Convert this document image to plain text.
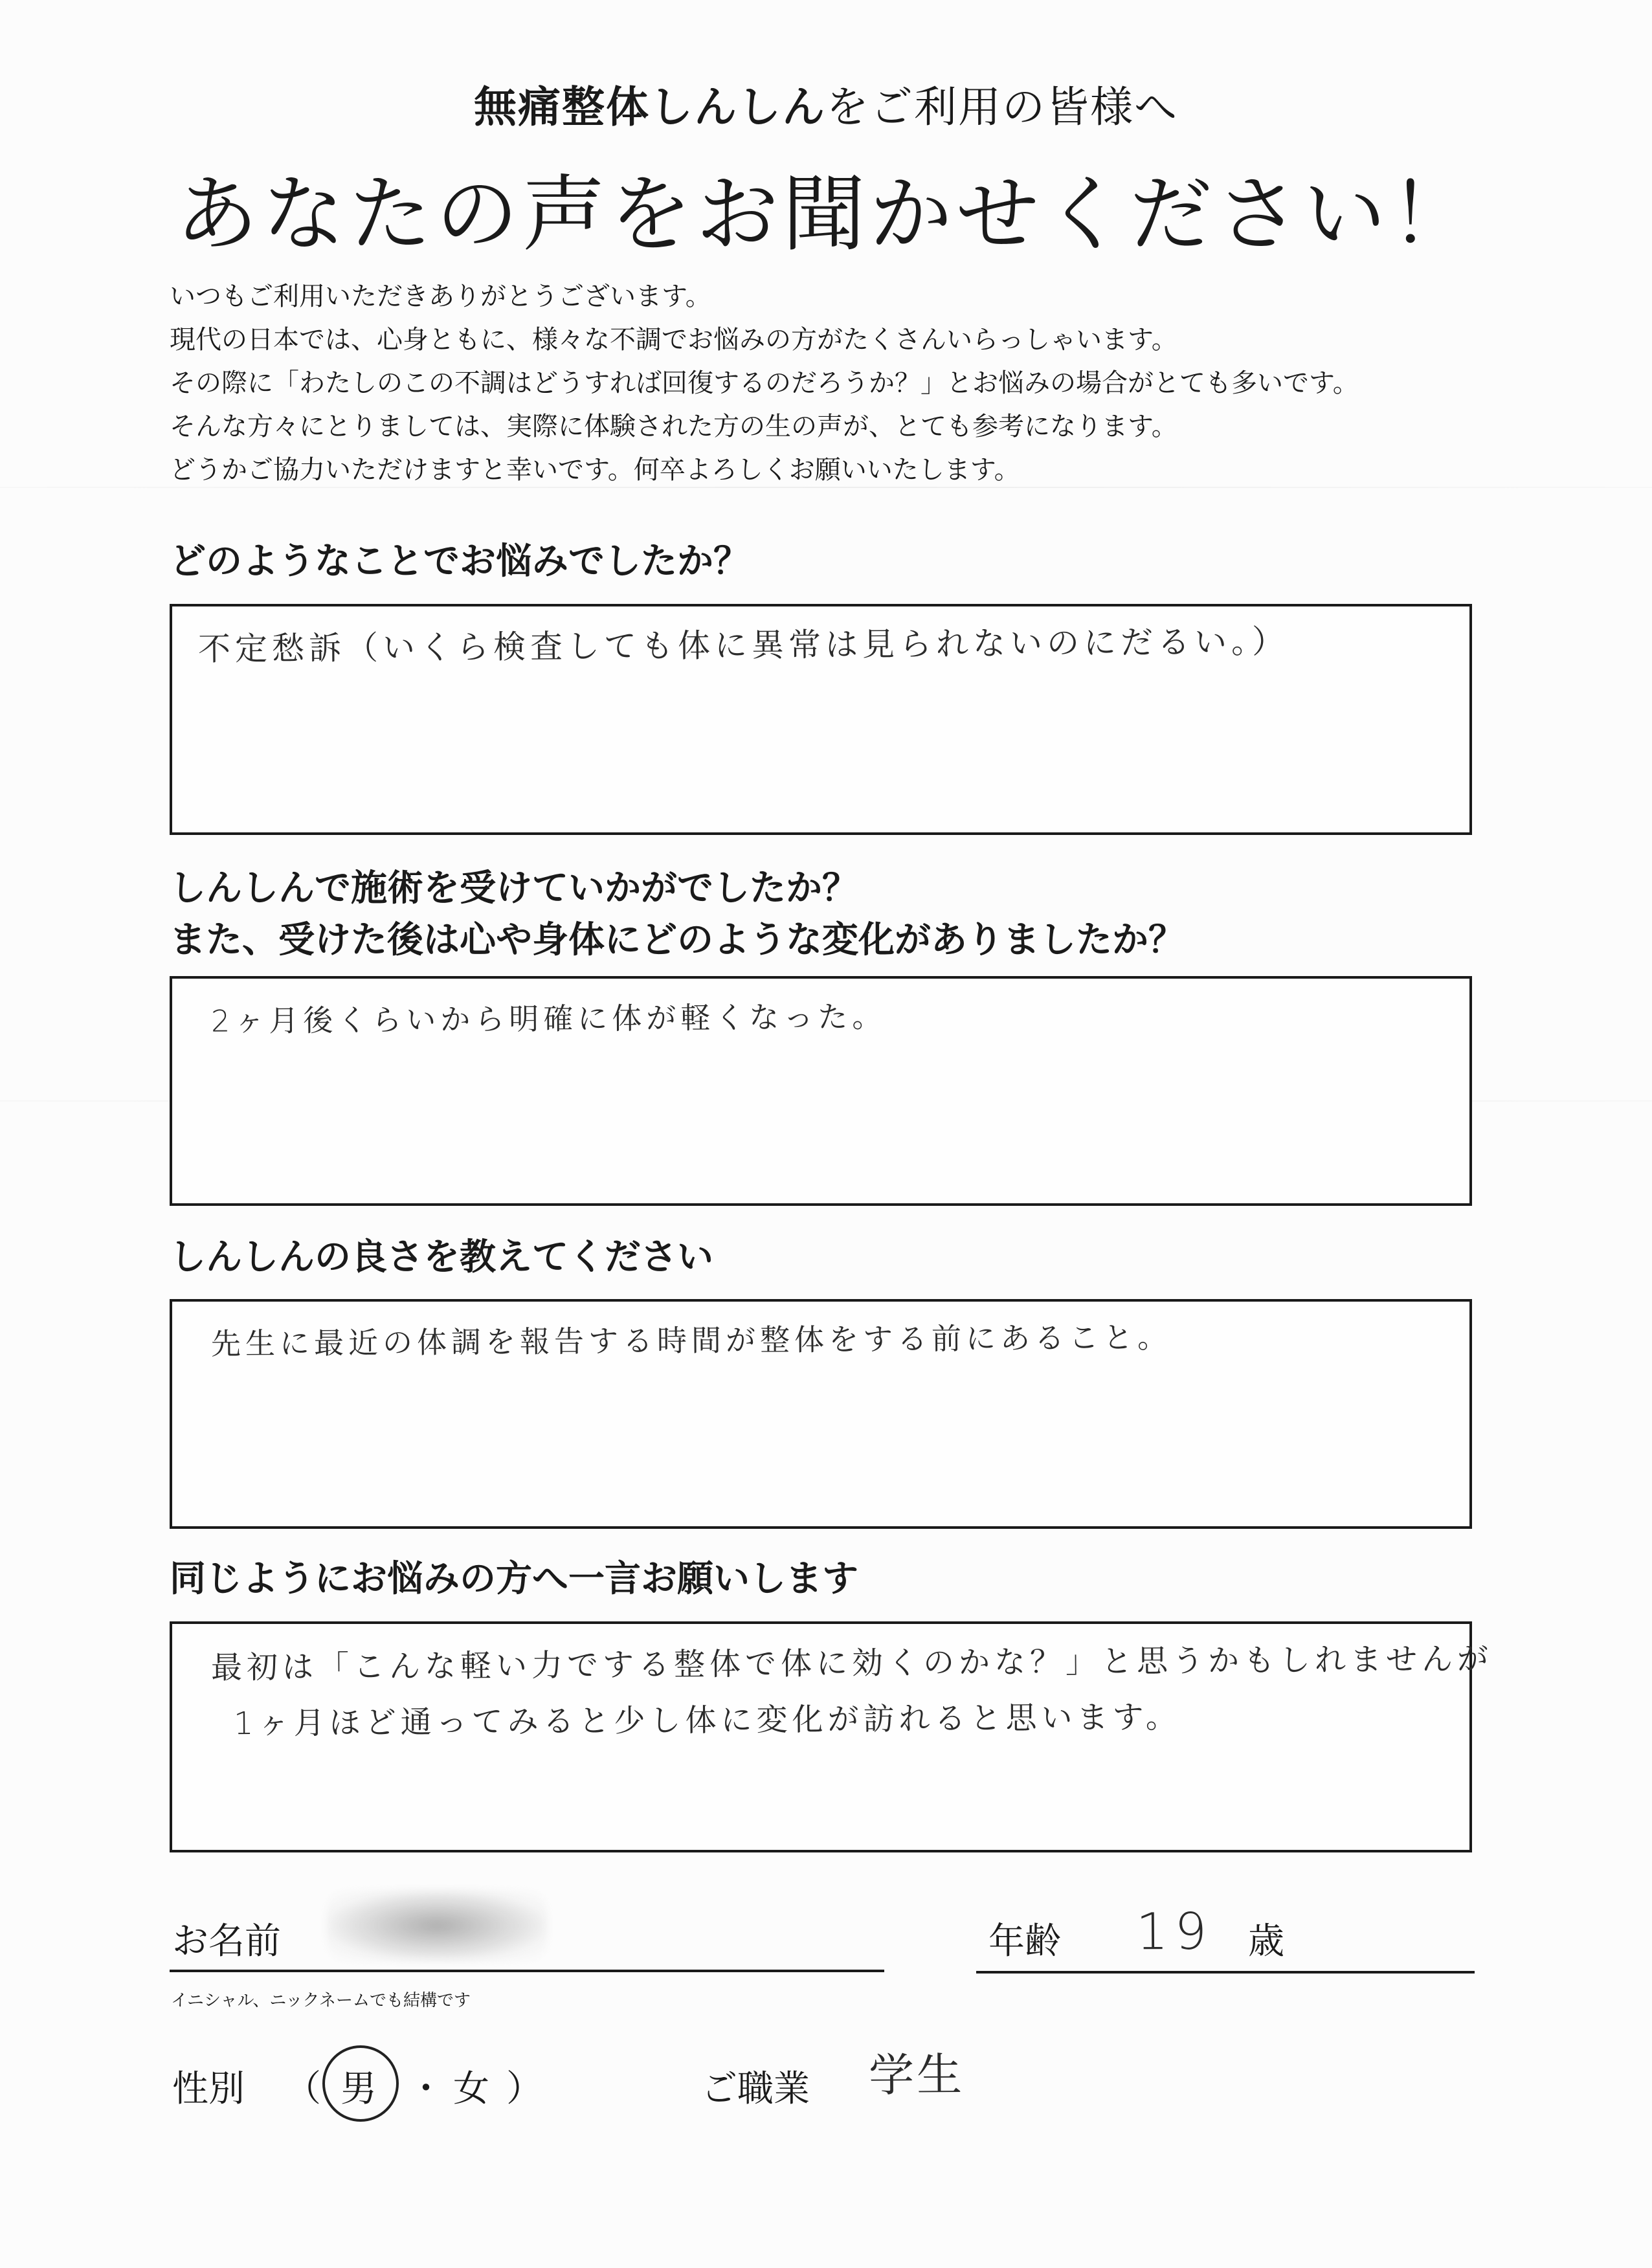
無痛整体しんしんをご利用の皆様へ
あなたの声をお聞かせください！

いつもご利用いただきありがとうございます。

現代の日本では、心身ともに、様々な不調でお悩みの方がたくさんいらっしゃいます。

その際に「わたしのこの不調はどうすれば回復するのだろうか？」とお悩みの場合がとても多いです。

そんな方々にとりましては、実際に体験された方の生の声が、とても参考になります。

どうかご協力いただけますと幸いです。何卒よろしくお願いいたします。

どのようなことでお悩みでしたか？
不定愁訴（いくら検査しても体に異常は見られないのにだるい。）
しんしんで施術を受けていかがでしたか？
また、受けた後は心や身体にどのような変化がありましたか？
2ヶ月後くらいから明確に体が軽くなった。
しんしんの良さを教えてください
先生に最近の体調を報告する時間が整体をする前にあること。
同じようにお悩みの方へ一言お願いします
最初は「こんな軽い力でする整体で体に効くのかな？」と思うかもしれませんが
1ヶ月ほど通ってみると少し体に変化が訪れると思います。
お名前
イニシャル、ニックネームでも結構です
年齢 19 歳
性別 （ 男 ・ 女 ）	ご職業 学生
